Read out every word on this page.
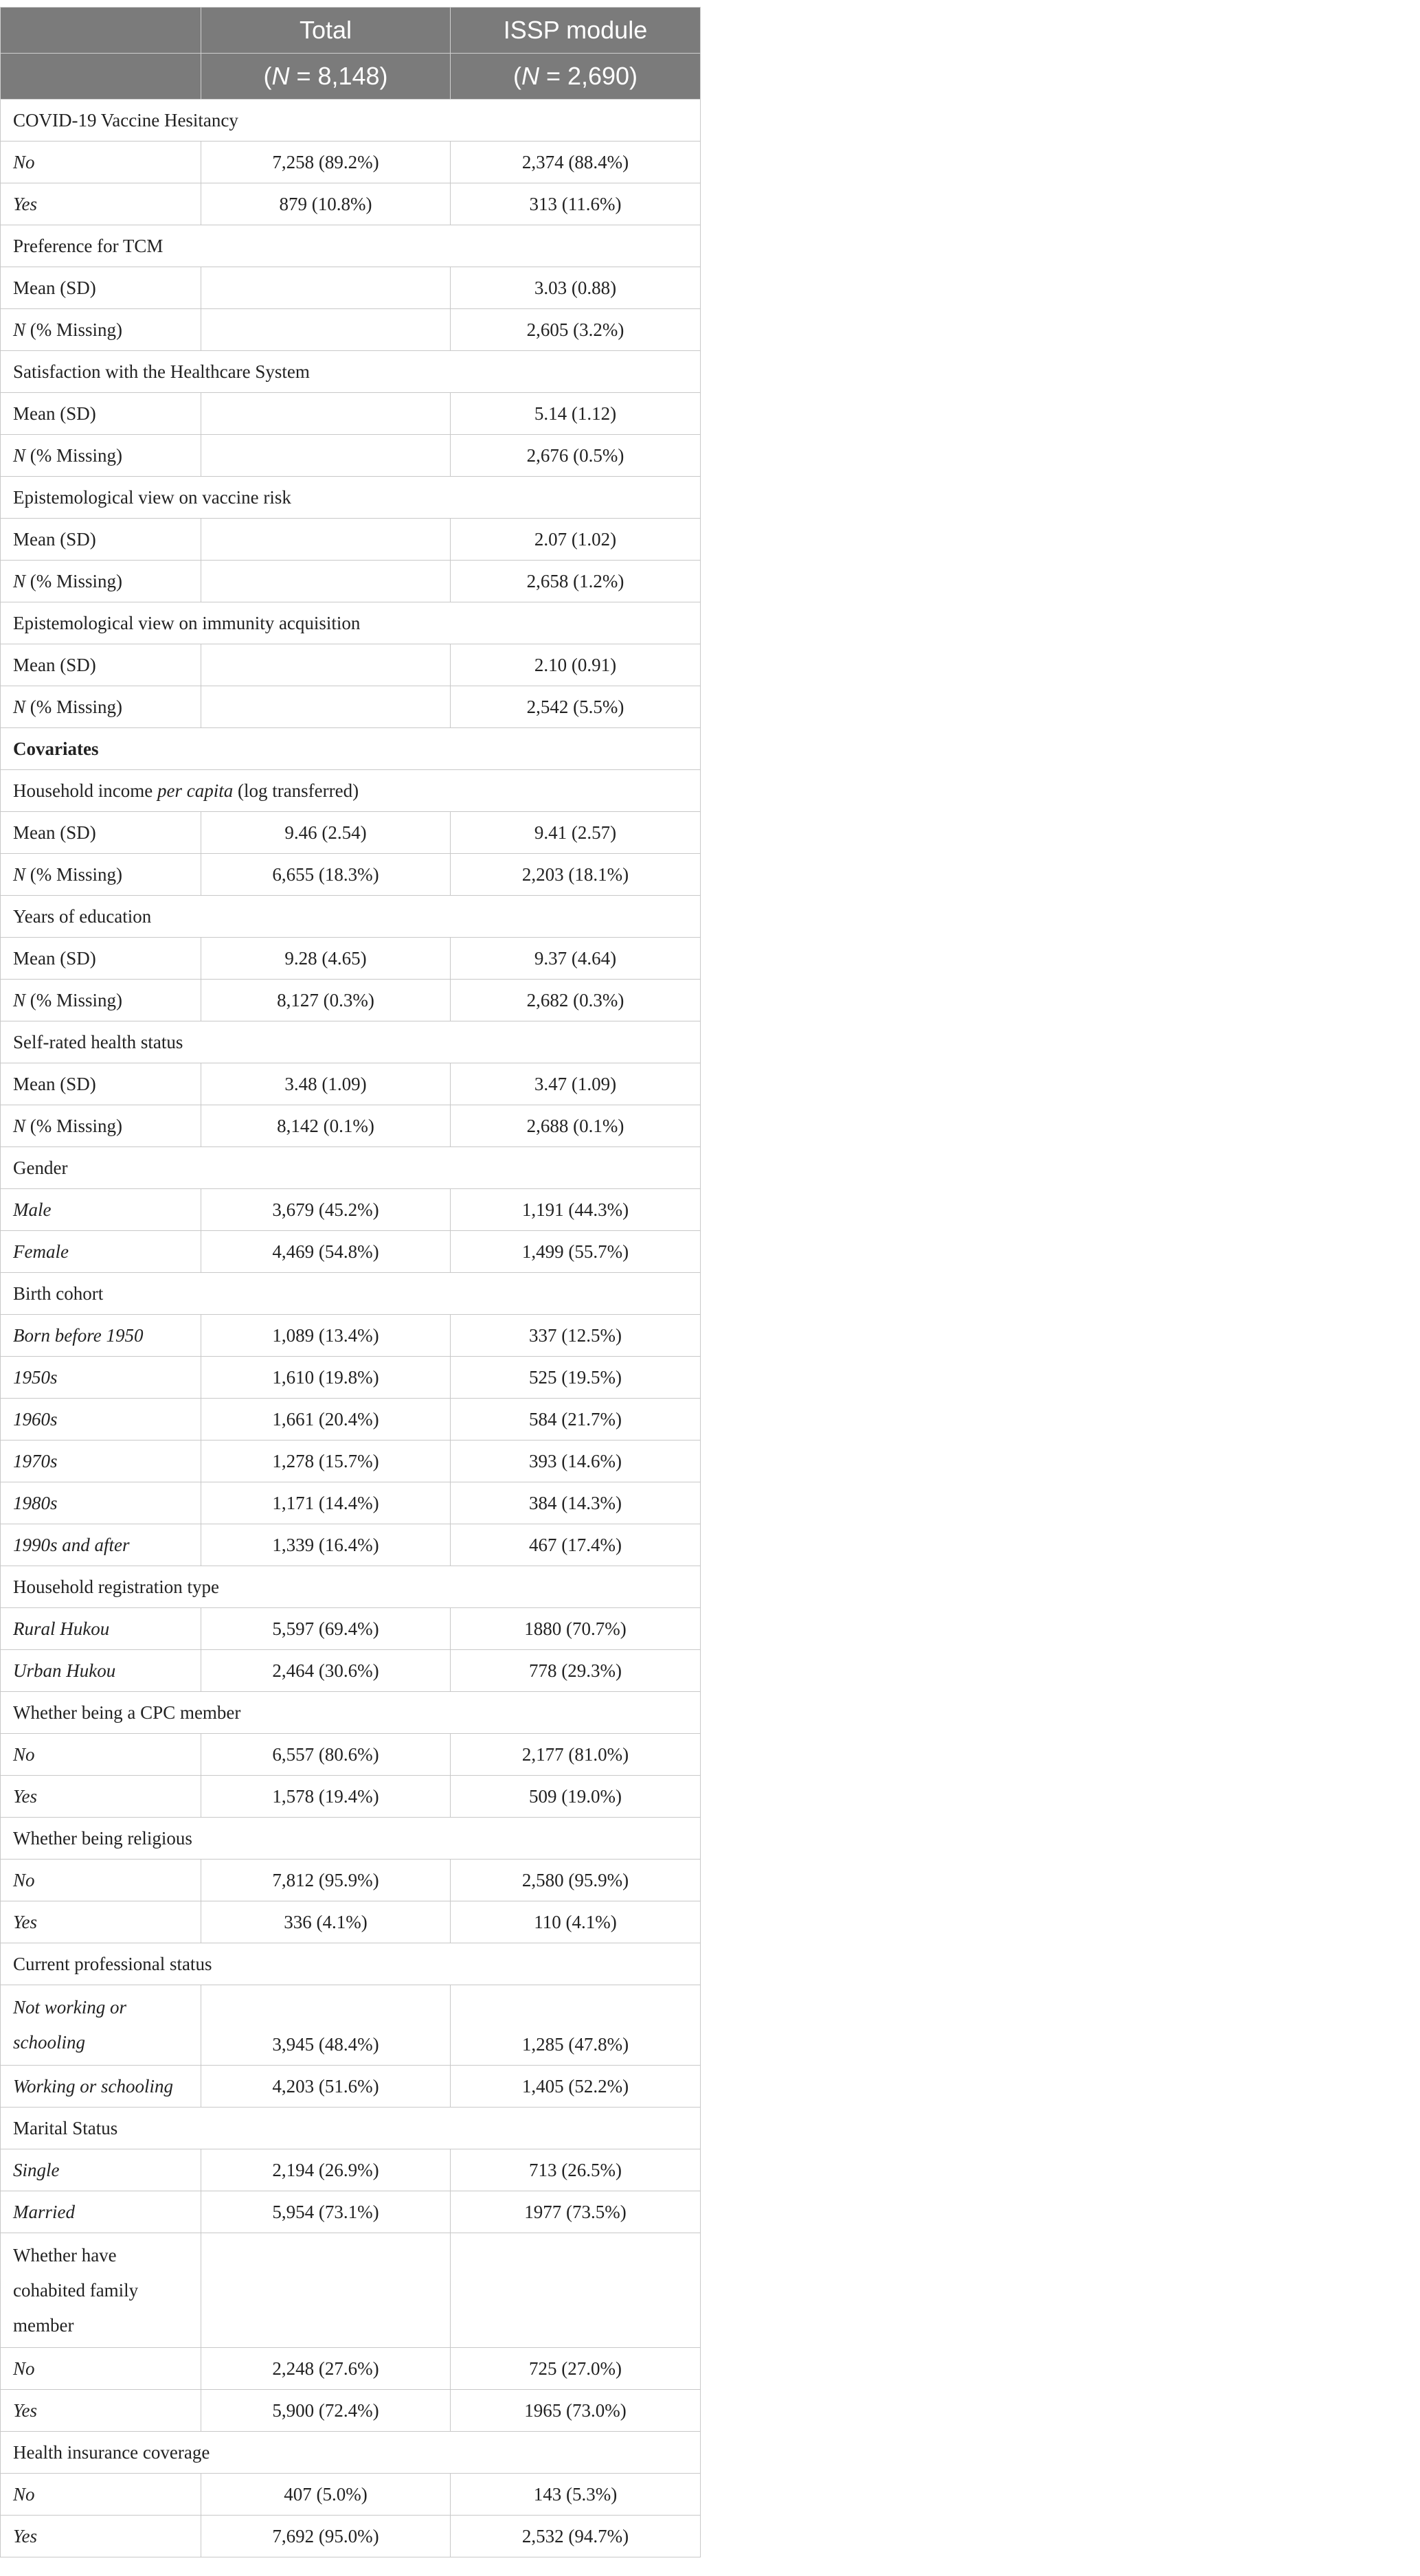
	Total	ISSP module
	(N = 8,148)	(N = 2,690)
COVID-19 Vaccine Hesitancy		
No	7,258 (89.2%)	2,374 (88.4%)
Yes	879 (10.8%)	313 (11.6%)
Preference for TCM		
Mean (SD)		3.03 (0.88)
N (% Missing)		2,605 (3.2%)
Satisfaction with the Healthcare System		
Mean (SD)		5.14 (1.12)
N (% Missing)		2,676 (0.5%)
Epistemological view on vaccine risk		
Mean (SD)		2.07 (1.02)
N (% Missing)		2,658 (1.2%)
Epistemological view on immunity acquisition		
Mean (SD)		2.10 (0.91)
N (% Missing)		2,542 (5.5%)
Covariates		
Household income per capita (log transferred)		
Mean (SD)	9.46 (2.54)	9.41 (2.57)
N (% Missing)	6,655 (18.3%)	2,203 (18.1%)
Years of education		
Mean (SD)	9.28 (4.65)	9.37 (4.64)
N (% Missing)	8,127 (0.3%)	2,682 (0.3%)
Self-rated health status		
Mean (SD)	3.48 (1.09)	3.47 (1.09)
N (% Missing)	8,142 (0.1%)	2,688 (0.1%)
Gender		
Male	3,679 (45.2%)	1,191 (44.3%)
Female	4,469 (54.8%)	1,499 (55.7%)
Birth cohort		
Born before 1950	1,089 (13.4%)	337 (12.5%)
1950s	1,610 (19.8%)	525 (19.5%)
1960s	1,661 (20.4%)	584 (21.7%)
1970s	1,278 (15.7%)	393 (14.6%)
1980s	1,171 (14.4%)	384 (14.3%)
1990s and after	1,339 (16.4%)	467 (17.4%)
Household registration type		
Rural Hukou	5,597 (69.4%)	1880 (70.7%)
Urban Hukou	2,464 (30.6%)	778 (29.3%)
Whether being a CPC member		
No	6,557 (80.6%)	2,177 (81.0%)
Yes	1,578 (19.4%)	509 (19.0%)
Whether being religious		
No	7,812 (95.9%)	2,580 (95.9%)
Yes	336 (4.1%)	110 (4.1%)
Current professional status		
Not working or
schooling	3,945 (48.4%)	1,285 (47.8%)
Working or schooling	4,203 (51.6%)	1,405 (52.2%)
Marital Status		
Single	2,194 (26.9%)	713 (26.5%)
Married	5,954 (73.1%)	1977 (73.5%)
Whether have
cohabited family
member		
No	2,248 (27.6%)	725 (27.0%)
Yes	5,900 (72.4%)	1965 (73.0%)
Health insurance coverage		
No	407 (5.0%)	143 (5.3%)
Yes	7,692 (95.0%)	2,532 (94.7%)
